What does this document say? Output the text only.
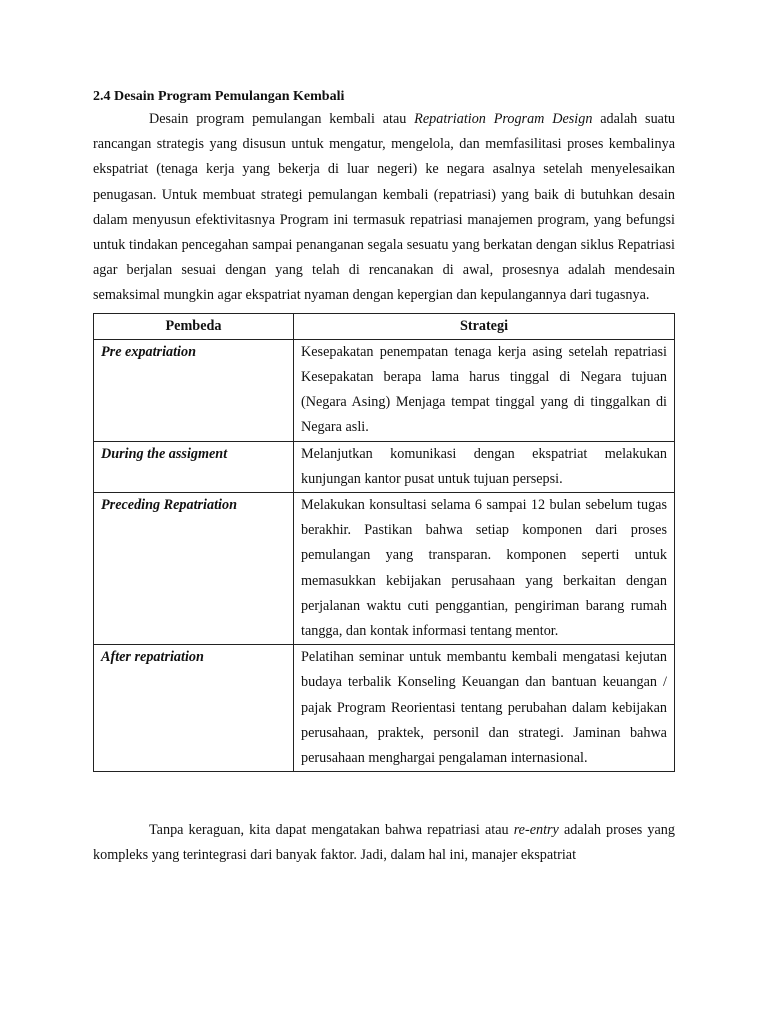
2.4 Desain Program Pemulangan Kembali

Desain program pemulangan kembali atau Repatriation Program Design adalah suatu rancangan strategis yang disusun untuk mengatur, mengelola, dan memfasilitasi proses kembalinya ekspatriat (tenaga kerja yang bekerja di luar negeri) ke negara asalnya setelah menyelesaikan penugasan. Untuk membuat strategi pemulangan kembali (repatriasi) yang baik di butuhkan desain dalam menyusun efektivitasnya Program ini termasuk repatriasi manajemen program, yang befungsi untuk tindakan pencegahan sampai penanganan segala sesuatu yang berkatan dengan siklus Repatriasi agar berjalan sesuai dengan yang telah di rencanakan di awal, prosesnya adalah mendesain semaksimal mungkin agar ekspatriat nyaman dengan kepergian dan kepulangannya dari tugasnya.

Pembeda	Strategi
Pre expatriation	Kesepakatan penempatan tenaga kerja asing setelah repatriasi Kesepakatan berapa lama harus tinggal di Negara tujuan (Negara Asing) Menjaga tempat tinggal yang di tinggalkan di Negara asli.
During the assigment	Melanjutkan komunikasi dengan ekspatriat melakukan kunjungan kantor pusat untuk tujuan persepsi.
Preceding Repatriation	Melakukan konsultasi selama 6 sampai 12 bulan sebelum tugas berakhir. Pastikan bahwa setiap komponen dari proses pemulangan yang transparan. komponen seperti untuk memasukkan kebijakan perusahaan yang berkaitan dengan perjalanan waktu cuti penggantian, pengiriman barang rumah tangga, dan kontak informasi tentang mentor.
After repatriation	Pelatihan seminar untuk membantu kembali mengatasi kejutan budaya terbalik Konseling Keuangan dan bantuan keuangan / pajak Program Reorientasi tentang perubahan dalam kebijakan perusahaan, praktek, personil dan strategi. Jaminan bahwa perusahaan menghargai pengalaman internasional.

Tanpa keraguan, kita dapat mengatakan bahwa repatriasi atau re-entry adalah proses yang kompleks yang terintegrasi dari banyak faktor. Jadi, dalam hal ini, manajer ekspatriat
